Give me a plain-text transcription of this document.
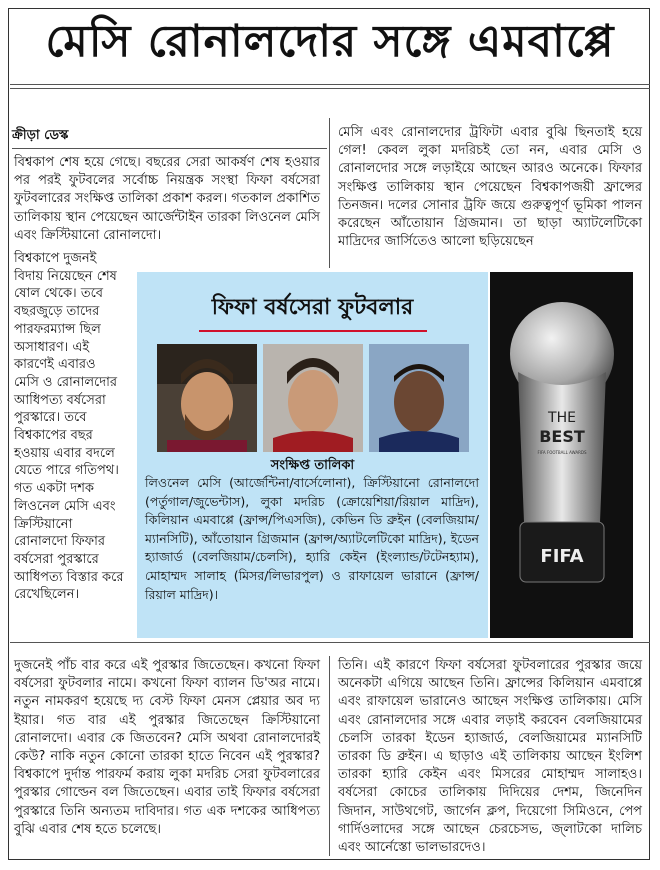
মেসি রোনালদোর সঙ্গে এমবাপ্পে
ক্রীড়া ডেস্ক

বিশ্বকাপ শেষ হয়ে গেছে। বছরের সেরা আকর্ষণ শেষ হওয়ার পর পরই ফুটবলের সর্বোচ্চ নিয়ন্ত্রক সংস্থা ফিফা বর্ষসেরা ফুটবলারের সংক্ষিপ্ত তালিকা প্রকাশ করল। গতকাল প্রকাশিত তালিকায় স্থান পেয়েছেন আর্জেন্টাইন তারকা লিওনেল মেসি এবং ক্রিস্টিয়ানো রোনালদো।

মেসি এবং রোনালদোর ট্রফিটা এবার বুঝি ছিনতাই হয়ে গেল! কেবল লুকা মদরিচই তো নন, এবার মেসি ও রোনালদোর সঙ্গে লড়াইয়ে আছেন আরও অনেকে। ফিফার সংক্ষিপ্ত তালিকায় স্থান পেয়েছেন বিশ্বকাপজয়ী ফ্রান্সের তিনজন। দলের সোনার ট্রফি জয়ে গুরুত্বপূর্ণ ভূমিকা পালন করেছেন আঁতোয়ান গ্রিজমান। তা ছাড়া অ্যাটলেটিকো মাদ্রিদের জার্সিতেও আলো ছড়িয়েছেন

বিশ্বকাপে দুজনই বিদায় নিয়েছেন শেষ ষোল থেকে। তবে বছরজুড়ে তাদের পারফরম্যান্স ছিল অসাধারণ। এই কারণেই এবারও মেসি ও রোনালদোর আধিপত্য বর্ষসেরা পুরস্কারে। তবে বিশ্বকাপের বছর হওয়ায় এবার বদলে যেতে পারে গতিপথ। গত একটা দশক লিওনেল মেসি এবং ক্রিস্টিয়ানো রোনালদো ফিফার বর্ষসেরা পুরস্কারে আধিপত্য বিস্তার করে রেখেছিলেন।

ফিফা বর্ষসেরা ফুটবলার
সংক্ষিপ্ত তালিকা

লিওনেল মেসি (আর্জেন্টিনা/বার্সেলোনা), ক্রিস্টিয়ানো রোনালদো (পর্তুগাল/জুভেন্টাস), লুকা মদরিচ (ক্রোয়েশিয়া/রিয়াল মাদ্রিদ), কিলিয়ান এমবাপ্পে (ফ্রান্স/পিএসজি), কেভিন ডি ব্রুইন (বেলজিয়াম/ম্যানসিটি), আঁতোয়ান গ্রিজমান (ফ্রান্স/অ্যাটলেটিকো মাদ্রিদ), ইডেন হ্যাজার্ড (বেলজিয়াম/চেলসি), হ্যারি কেইন (ইংল্যান্ড/টটেনহ্যাম), মোহাম্মদ সালাহ (মিসর/লিভারপুল) ও রাফায়েল ভারানে (ফ্রান্স/রিয়াল মাদ্রিদ)।

THE
BEST
FIFA FOOTBALL AWARDS
FIFA

দুজনেই পাঁচ বার করে এই পুরস্কার জিতেছেন। কখনো ফিফা বর্ষসেরা ফুটবলার নামে। কখনো ফিফা ব্যালন ডি'অর নামে। নতুন নামকরণ হয়েছে দ্য বেস্ট ফিফা মেনস প্লেয়ার অব দ্য ইয়ার। গত বার এই পুরস্কার জিতেছেন ক্রিস্টিয়ানো রোনালদো। এবার কে জিতবেন? মেসি অথবা রোনালদোরই কেউ? নাকি নতুন কোনো তারকা হাতে নিবেন এই পুরস্কার? বিশ্বকাপে দুর্দান্ত পারফর্ম করায় লুকা মদরিচ সেরা ফুটবলারের পুরস্কার গোল্ডেন বল জিতেছেন। এবার তাই ফিফার বর্ষসেরা পুরস্কারে তিনি অন্যতম দাবিদার। গত এক দশকের আধিপত্য বুঝি এবার শেষ হতে চলেছে।

তিনি। এই কারণে ফিফা বর্ষসেরা ফুটবলারের পুরস্কার জয়ে অনেকটা এগিয়ে আছেন তিনি। ফ্রান্সের কিলিয়ান এমবাপ্পে এবং রাফায়েল ভারানেও আছেন সংক্ষিপ্ত তালিকায়। মেসি এবং রোনালদোর সঙ্গে এবার লড়াই করবেন বেলজিয়ামের চেলসি তারকা ইডেন হ্যাজার্ড, বেলজিয়ামের ম্যানসিটি তারকা ডি ব্রুইন। এ ছাড়াও এই তালিকায় আছেন ইংলিশ তারকা হ্যারি কেইন এবং মিসরের মোহাম্মদ সালাহও। বর্ষসেরা কোচের তালিকায় দিদিয়ের দেশম, জিনেদিন জিদান, সাউথগেট, জার্গেন ক্লপ, দিয়েগো সিমিওনে, পেপ গার্দিওলাদের সঙ্গে আছেন চেরচেসভ, জ্লাটকো দালিচ এবং আর্নেস্তো ভালভারদেও।
